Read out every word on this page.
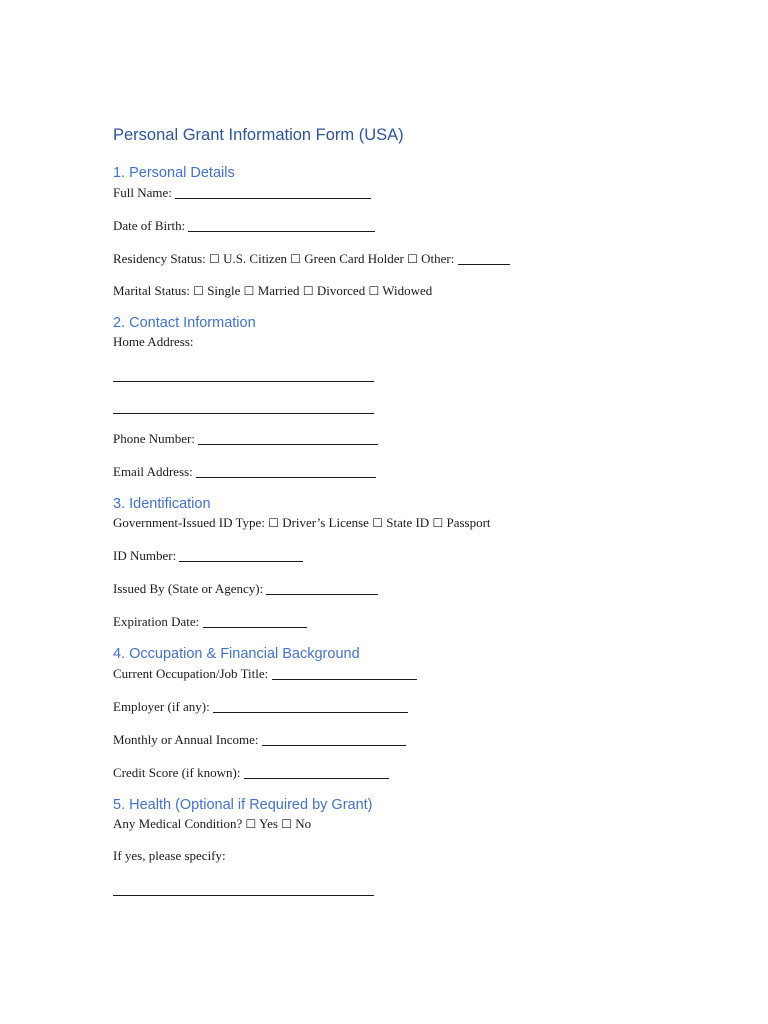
Personal Grant Information Form (USA)
1. Personal Details
Full Name:
Date of Birth:
Residency Status: ☐ U.S. Citizen ☐ Green Card Holder ☐ Other:
Marital Status: ☐ Single ☐ Married ☐ Divorced ☐ Widowed
2. Contact Information
Home Address:
Phone Number:
Email Address:
3. Identification
Government-Issued ID Type: ☐ Driver’s License ☐ State ID ☐ Passport
ID Number:
Issued By (State or Agency):
Expiration Date:
4. Occupation & Financial Background
Current Occupation/Job Title:
Employer (if any):
Monthly or Annual Income:
Credit Score (if known):
5. Health (Optional if Required by Grant)
Any Medical Condition? ☐ Yes ☐ No
If yes, please specify:
